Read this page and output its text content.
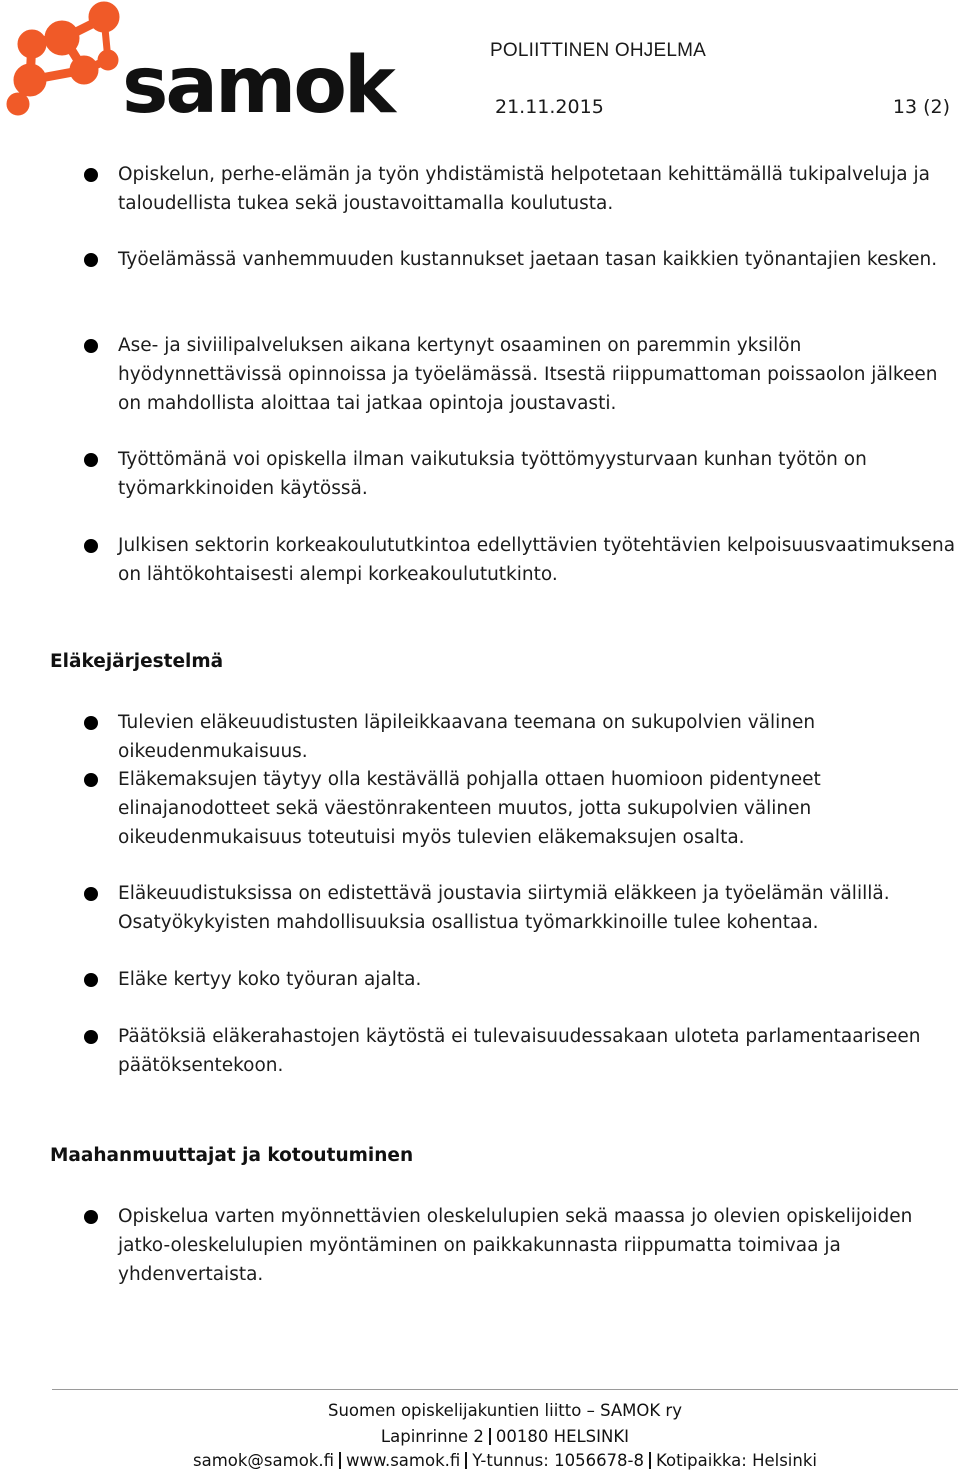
samok	POLIITTINEN OHJELMA
21.11.2015	13 (2)
Opiskelun, perhe-elämän ja työn yhdistämistä helpotetaan kehittämällä tukipalveluja ja taloudellista tukea sekä joustavoittamalla koulutusta.
Työelämässä vanhemmuuden kustannukset jaetaan tasan kaikkien työnantajien kesken.
Ase- ja siviilipalveluksen aikana kertynyt osaaminen on paremmin yksilön hyödynnettävissä opinnoissa ja työelämässä. Itsestä riippumattoman poissaolon jälkeen on mahdollista aloittaa tai jatkaa opintoja joustavasti.
Työttömänä voi opiskella ilman vaikutuksia työttömyysturvaan kunhan työtön on työmarkkinoiden käytössä.
Julkisen sektorin korkeakoulututkintoa edellyttävien työtehtävien kelpoisuusvaatimuksena on lähtökohtaisesti alempi korkeakoulututkinto.
Eläkejärjestelmä
Tulevien eläkeuudistusten läpileikkaavana teemana on sukupolvien välinen oikeudenmukaisuus.
Eläkemaksujen täytyy olla kestävällä pohjalla ottaen huomioon pidentyneet elinajanodotteet sekä väestönrakenteen muutos, jotta sukupolvien välinen oikeudenmukaisuus toteutuisi myös tulevien eläkemaksujen osalta.
Eläkeuudistuksissa on edistettävä joustavia siirtymiä eläkkeen ja työelämän välillä. Osatyökykyisten mahdollisuuksia osallistua työmarkkinoille tulee kohentaa.
Eläke kertyy koko työuran ajalta.
Päätöksiä eläkerahastojen käytöstä ei tulevaisuudessakaan uloteta parlamentaariseen päätöksentekoon.
Maahanmuuttajat ja kotoutuminen
Opiskelua varten myönnettävien oleskelulupien sekä maassa jo olevien opiskelijoiden jatko-oleskelulupien myöntäminen on paikkakunnasta riippumatta toimivaa ja yhdenvertaista.
Suomen opiskelijakuntien liitto – SAMOK ry
Lapinrinne 2 00180 HELSINKI
samok@samok.fi www.samok.fi Y-tunnus: 1056678-8 Kotipaikka: Helsinki
